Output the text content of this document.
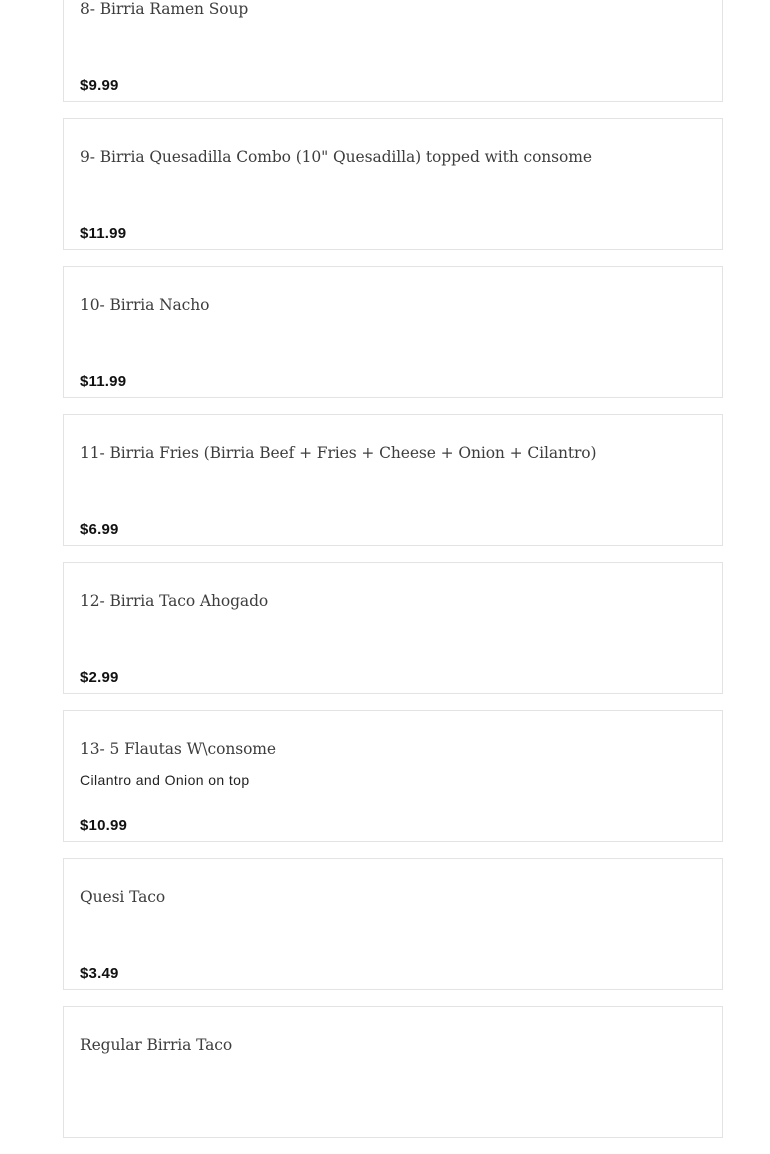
8- Birria Ramen Soup

$9.99

9- Birria Quesadilla Combo (10" Quesadilla) topped with consome

$11.99

10- Birria Nacho

$11.99

11- Birria Fries (Birria Beef + Fries + Cheese + Onion + Cilantro)

$6.99

12- Birria Taco Ahogado

$2.99

13- 5 Flautas W\consome

Cilantro and Onion on top

$10.99

Quesi Taco

$3.49

Regular Birria Taco
